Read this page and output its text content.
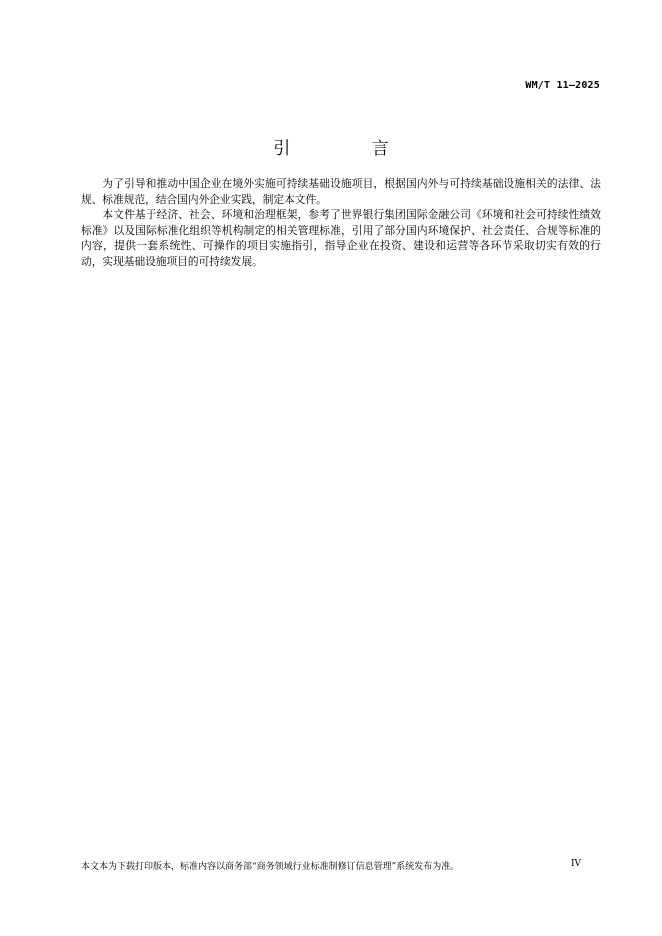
WM/T 11—2025
引 言

为了引导和推动中国企业在境外实施可持续基础设施项目，根据国内外与可持续基础设施相关的法律、法规、标准规范，结合国内外企业实践，制定本文件。

本文件基于经济、社会、环境和治理框架，参考了世界银行集团国际金融公司《环境和社会可持续性绩效标准》以及国际标准化组织等机构制定的相关管理标准，引用了部分国内环境保护、社会责任、合规等标准的内容，提供一套系统性、可操作的项目实施指引，指导企业在投资、建设和运营等各环节采取切实有效的行动，实现基础设施项目的可持续发展。

本文本为下载打印版本，标准内容以商务部“商务领域行业标准制修订信息管理”系统发布为准。	IV
